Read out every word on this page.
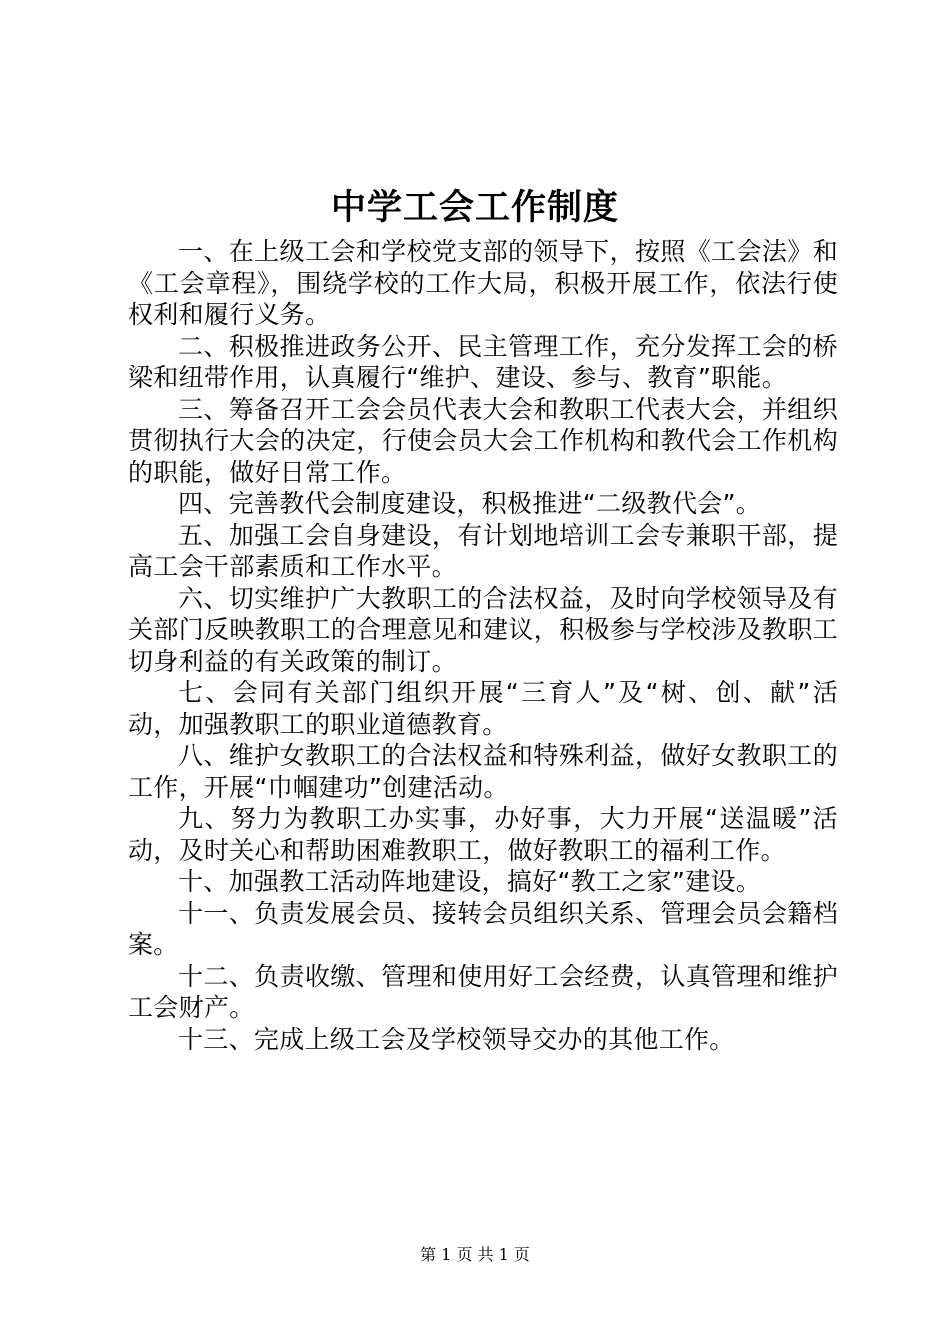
中学工会工作制度

一、在上级工会和学校党支部的领导下，按照《工会法》和《工会章程》，围绕学校的工作大局，积极开展工作，依法行使权利和履行义务。

二、积极推进政务公开、民主管理工作，充分发挥工会的桥梁和纽带作用，认真履行“维护、建设、参与、教育”职能。

三、筹备召开工会会员代表大会和教职工代表大会，并组织贯彻执行大会的决定，行使会员大会工作机构和教代会工作机构的职能，做好日常工作。

四、完善教代会制度建设，积极推进“二级教代会”。

五、加强工会自身建设，有计划地培训工会专兼职干部，提高工会干部素质和工作水平。

六、切实维护广大教职工的合法权益，及时向学校领导及有关部门反映教职工的合理意见和建议，积极参与学校涉及教职工切身利益的有关政策的制订。

七、会同有关部门组织开展“三育人”及“树、创、献”活动，加强教职工的职业道德教育。

八、维护女教职工的合法权益和特殊利益，做好女教职工的工作，开展“巾帼建功”创建活动。

九、努力为教职工办实事，办好事，大力开展“送温暖”活动，及时关心和帮助困难教职工，做好教职工的福利工作。

十、加强教工活动阵地建设，搞好“教工之家”建设。

十一、负责发展会员、接转会员组织关系、管理会员会籍档案。

十二、负责收缴、管理和使用好工会经费，认真管理和维护工会财产。

十三、完成上级工会及学校领导交办的其他工作。

第 1 页 共 1 页
